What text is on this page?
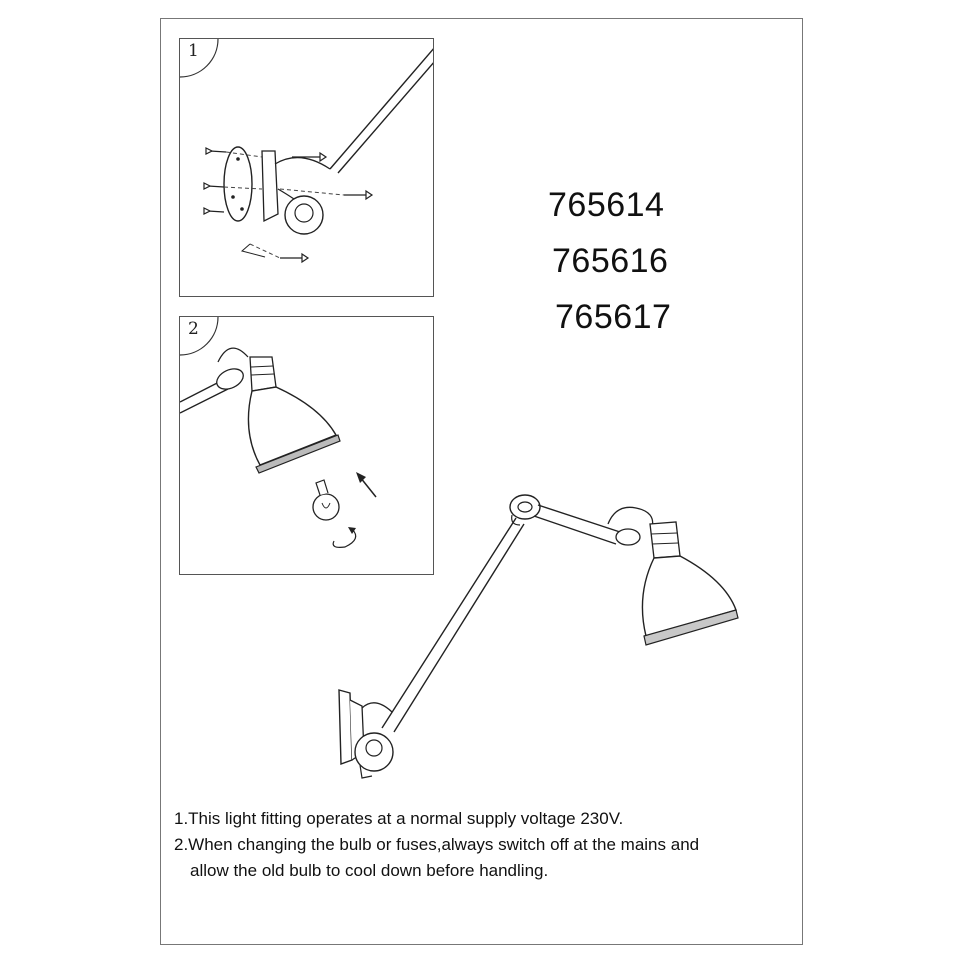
1
2
765614
765616
765617

1.This light fitting operates at a normal supply voltage 230V.

2.When changing the bulb or fuses,always switch off at the mains and

allow the old bulb to cool down before handling.
